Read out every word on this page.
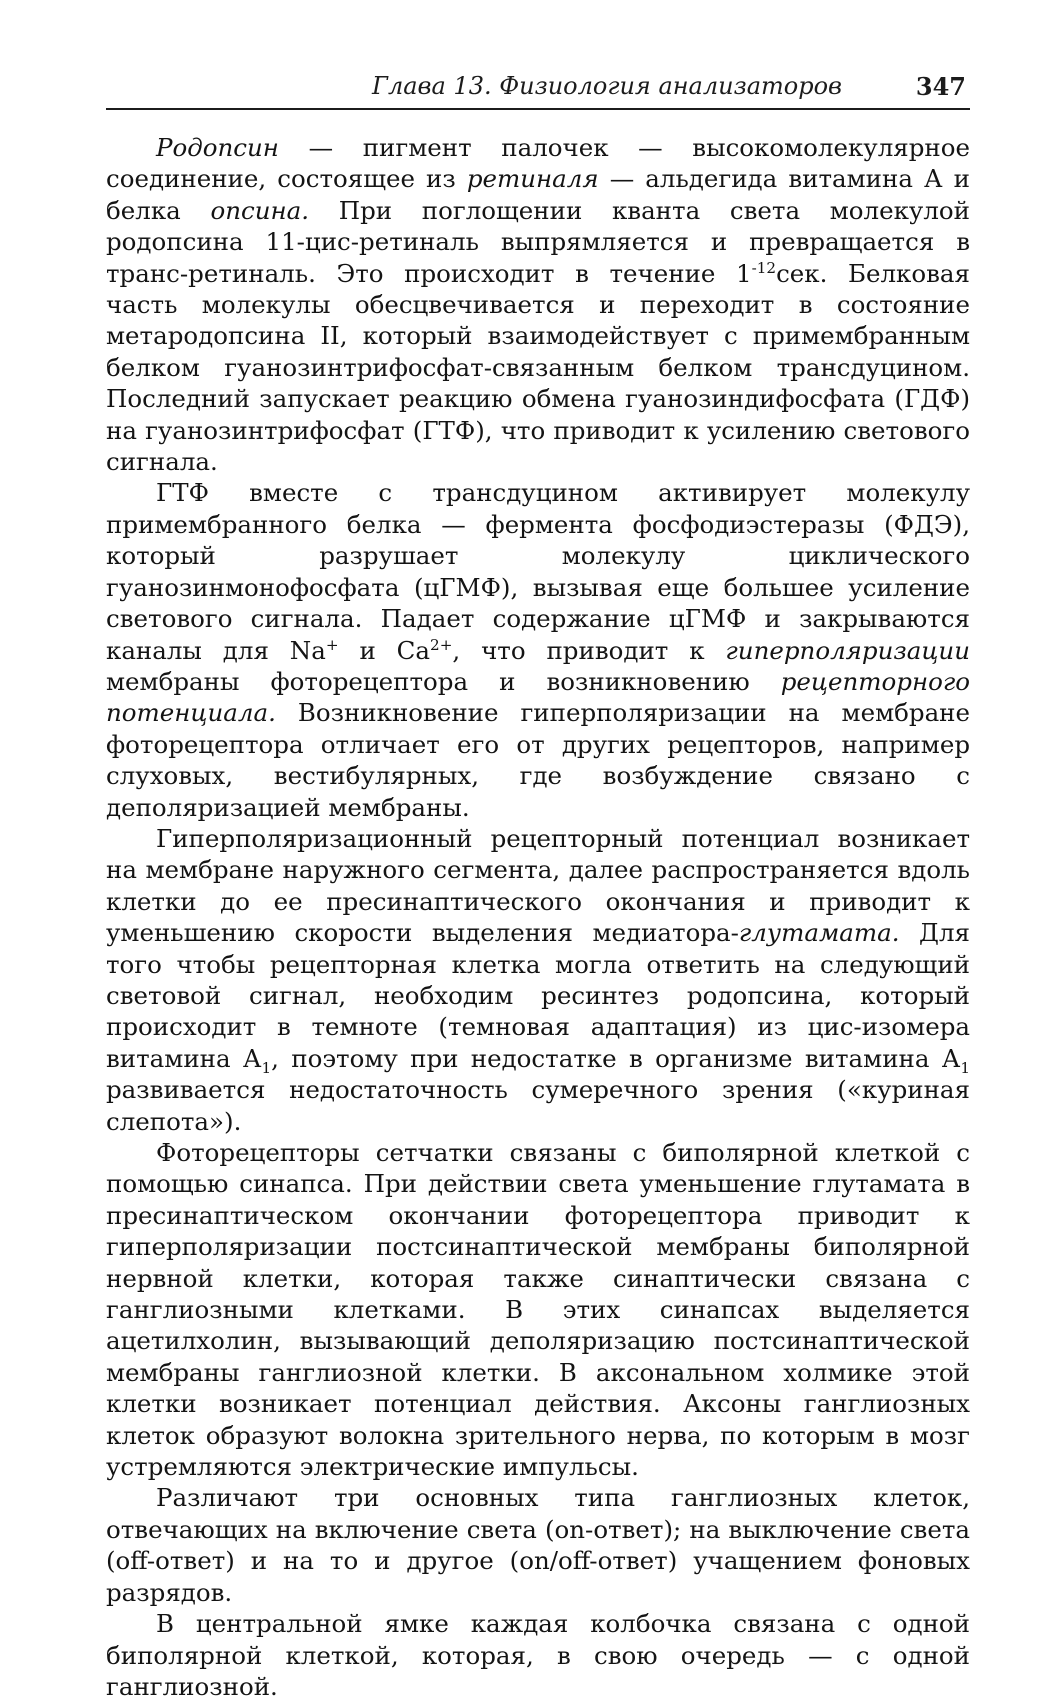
Глава 13. Физиология анализаторов	347

Родопсин — пигмент палочек — высокомолекулярное соединение, состоящее из ретиналя — альдегида витамина А и белка опсина. При поглощении кванта света молекулой родопсина 11-цис-ретиналь выпрямляется и превращается в транс-ретиналь. Это происходит в течение $1^{-12}сек$. Белковая часть молекулы обесцвечивается и переходит в состояние метародопсина II, который взаимодействует с примембранным белком гуанозинтрифосфат-связанным белком трансдуцином. Последний запускает реакцию обмена гуанозиндифосфата (ГДФ) на гуанозинтрифосфат (ГТФ), что приводит к усилению светового сигнала.

ГТФ вместе с трансдуцином активирует молекулу примембранного белка — фермента фосфодиэстеразы (ФДЭ), который разрушает молекулу циклического гуанозинмонофосфата (цГМФ), вызывая еще большее усиление светового сигнала. Падает содержание цГМФ и закрываются каналы для Na+ и $Ca^{2+}$, что приводит к гиперполяризации мембраны фоторецептора и возникновению рецепторного потенциала. Возникновение гиперполяризации на мембране фоторецептора отличает его от других рецепторов, например слуховых, вестибулярных, где возбуждение связано с деполяризацией мембраны.

Гиперполяризационный рецепторный потенциал возникает на мембране наружного сегмента, далее распространяется вдоль клетки до ее пресинаптического окончания и приводит к уменьшению скорости выделения медиатора-глутамата. Для того чтобы рецепторная клетка могла ответить на следующий световой сигнал, необходим ресинтез родопсина, который происходит в темноте (темновая адаптация) из цис-изомера витамина $А_1$, поэтому при недостатке в организме витамина $А_1$ развивается недостаточность сумеречного зрения («куриная слепота»).

Фоторецепторы сетчатки связаны с биполярной клеткой с помощью синапса. При действии света уменьшение глутамата в пресинаптическом окончании фоторецептора приводит к гиперполяризации постсинаптической мембраны биполярной нервной клетки, которая также синаптически связана с ганглиозными клетками. В этих синапсах выделяется ацетилхолин, вызывающий деполяризацию постсинаптической мембраны ганглиозной клетки. В аксональном холмике этой клетки возникает потенциал действия. Аксоны ганглиозных клеток образуют волокна зрительного нерва, по которым в мозг устремляются электрические импульсы.

Различают три основных типа ганглиозных клеток, отвечающих на включение света (on-ответ); на выключение света (off-ответ) и на то и другое (on/off-ответ) учащением фоновых разрядов.

В центральной ямке каждая колбочка связана с одной биполярной клеткой, которая, в свою очередь — с одной ганглиозной.
